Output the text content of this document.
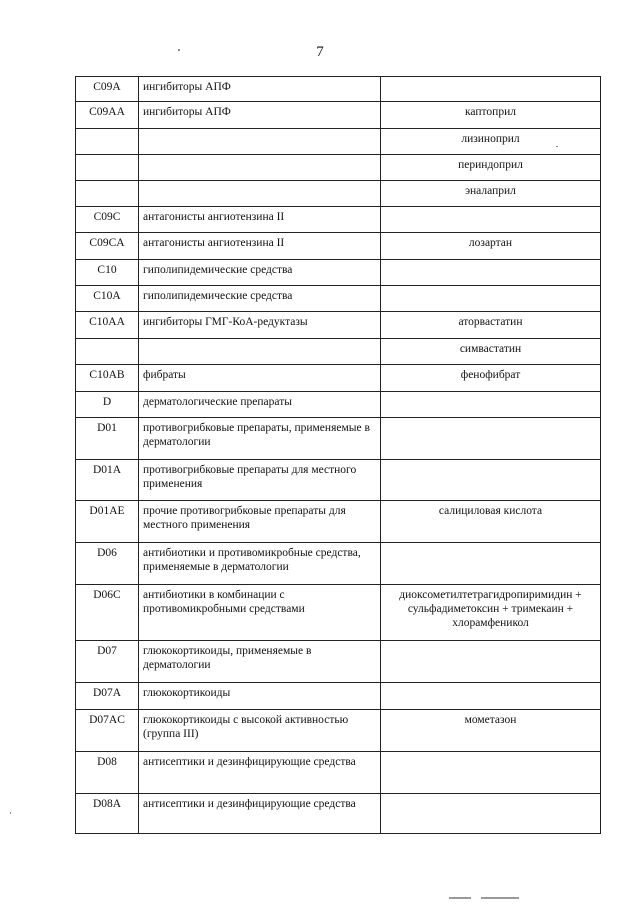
7
C09A	ингибиторы АПФ	
C09AA	ингибиторы АПФ	каптоприл
		лизиноприл
		периндоприл
		эналаприл
C09C	антагонисты ангиотензина II	
C09CA	антагонисты ангиотензина II	лозартан
C10	гиполипидемические средства	
C10A	гиполипидемические средства	
C10AA	ингибиторы ГМГ-КоА-редуктазы	аторвастатин
		симвастатин
C10AB	фибраты	фенофибрат
D	дерматологические препараты	
D01	противогрибковые препараты, применяемые в дерматологии	
D01A	противогрибковые препараты для местного применения	
D01AE	прочие противогрибковые препараты для местного применения	салициловая кислота
D06	антибиотики и противомикробные средства, применяемые в дерматологии	
D06C	антибиотики в комбинации с противомикробными средствами	диоксометилтетрагидропиримидин + сульфадиметоксин + тримекаин + хлорамфеникол
D07	глюкокортикоиды, применяемые в дерматологии	
D07A	глюкокортикоиды	
D07AC	глюкокортикоиды с высокой активностью (группа III)	мометазон
D08	антисептики и дезинфицирующие средства	
D08A	антисептики и дезинфицирующие средства	
